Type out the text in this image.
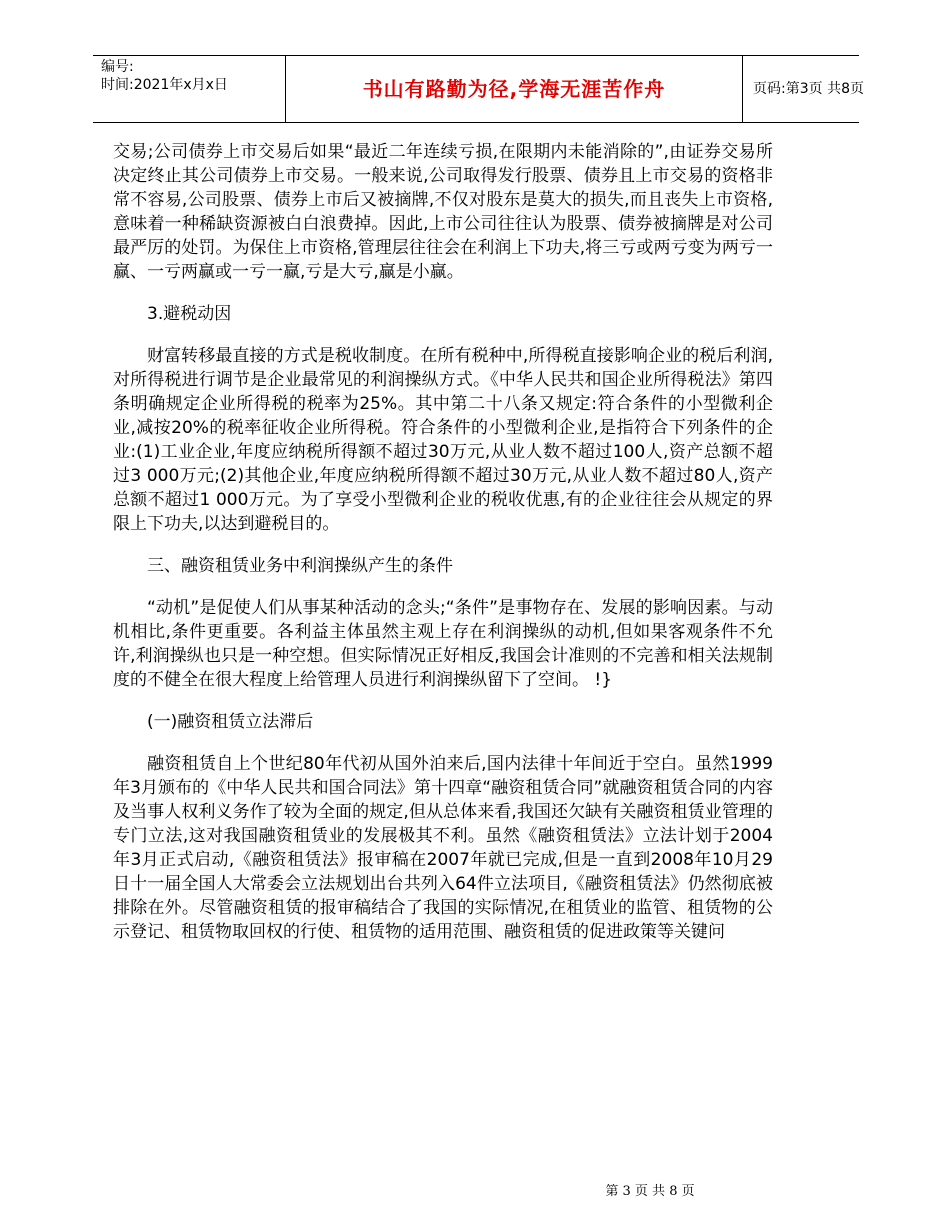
编号:
时间:2021年x月x日	书山有路勤为径,学海无涯苦作舟	页码:第3页 共8页

交易;公司债券上市交易后如果“最近二年连续亏损,在限期内未能消除的”,由证券交易所决定终止其公司债券上市交易。一般来说,公司取得发行股票、债券且上市交易的资格非常不容易,公司股票、债券上市后又被摘牌,不仅对股东是莫大的损失,而且丧失上市资格,意味着一种稀缺资源被白白浪费掉。因此,上市公司往往认为股票、债券被摘牌是对公司最严厉的处罚。为保住上市资格,管理层往往会在利润上下功夫,将三亏或两亏变为两亏一赢、一亏两赢或一亏一赢,亏是大亏,赢是小赢。

3.避税动因

财富转移最直接的方式是税收制度。在所有税种中,所得税直接影响企业的税后利润,对所得税进行调节是企业最常见的利润操纵方式。《中华人民共和国企业所得税法》第四条明确规定企业所得税的税率为25%。其中第二十八条又规定:符合条件的小型微利企业,减按20%的税率征收企业所得税。符合条件的小型微利企业,是指符合下列条件的企业:(1)工业企业,年度应纳税所得额不超过30万元,从业人数不超过100人,资产总额不超过3 000万元;(2)其他企业,年度应纳税所得额不超过30万元,从业人数不超过80人,资产总额不超过1 000万元。为了享受小型微利企业的税收优惠,有的企业往往会从规定的界限上下功夫,以达到避税目的。

三、融资租赁业务中利润操纵产生的条件

“动机”是促使人们从事某种活动的念头;“条件”是事物存在、发展的影响因素。与动机相比,条件更重要。各利益主体虽然主观上存在利润操纵的动机,但如果客观条件不允许,利润操纵也只是一种空想。但实际情况正好相反,我国会计准则的不完善和相关法规制度的不健全在很大程度上给管理人员进行利润操纵留下了空间。 !}

(一)融资租赁立法滞后

融资租赁自上个世纪80年代初从国外泊来后,国内法律十年间近于空白。虽然1999年3月颁布的《中华人民共和国合同法》第十四章“融资租赁合同”就融资租赁合同的内容及当事人权利义务作了较为全面的规定,但从总体来看,我国还欠缺有关融资租赁业管理的专门立法,这对我国融资租赁业的发展极其不利。虽然《融资租赁法》立法计划于2004年3月正式启动,《融资租赁法》报审稿在2007年就已完成,但是一直到2008年10月29日十一届全国人大常委会立法规划出台共列入64件立法项目,《融资租赁法》仍然彻底被排除在外。尽管融资租赁的报审稿结合了我国的实际情况,在租赁业的监管、租赁物的公示登记、租赁物取回权的行使、租赁物的适用范围、融资租赁的促进政策等关键问

第 3 页 共 8 页
